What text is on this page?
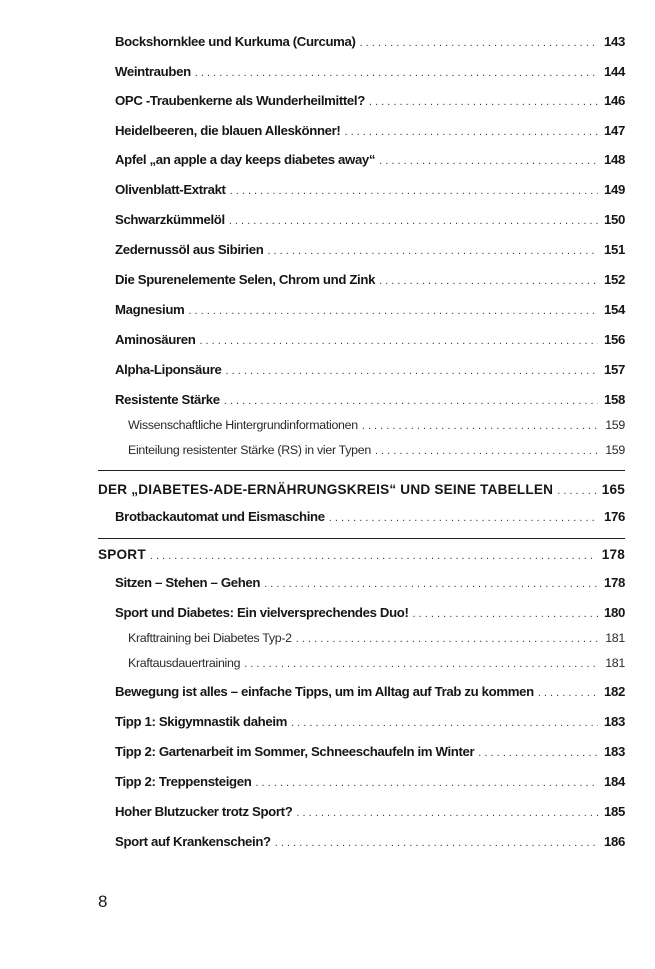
Bockshornklee und Kurkuma (Curcuma) . . .	143
Weintrauben . . .	144
OPC -Traubenkerne als Wunderheilmittel? . . .	146
Heidelbeeren, die blauen Alleskönner! . . .	147
Apfel „an apple a day keeps diabetes away“ . . .	148
Olivenblatt-Extrakt . . .	149
Schwarzkümmelöl . . .	150
Zedernussöl aus Sibirien . . .	151
Die Spurenelemente Selen, Chrom und Zink . . .	152
Magnesium . . .	154
Aminosäuren . . .	156
Alpha-Liponsäure . . .	157
Resistente Stärke . . .	158
Wissenschaftliche Hintergrundinformationen . . .	159
Einteilung resistenter Stärke (RS) in vier Typen . . .	159
DER „DIABETES-ADE-ERNÄHRUNGSKREIS“ UND SEINE TABELLEN . . .	165
Brotbackautomat und Eismaschine . . .	176
SPORT . . .	178
Sitzen – Stehen – Gehen . . .	178
Sport und Diabetes: Ein vielversprechendes Duo! . . .	180
Krafttraining bei Diabetes Typ-2 . . .	181
Kraftausdauertraining . . .	181
Bewegung ist alles – einfache Tipps, um im Alltag auf Trab zu kommen . . .	182
Tipp 1: Skigymnastik daheim . . .	183
Tipp 2: Gartenarbeit im Sommer, Schneeschaufeln im Winter . . .	183
Tipp 2: Treppensteigen . . .	184
Hoher Blutzucker trotz Sport? . . .	185
Sport auf Krankenschein? . . .	186
8
